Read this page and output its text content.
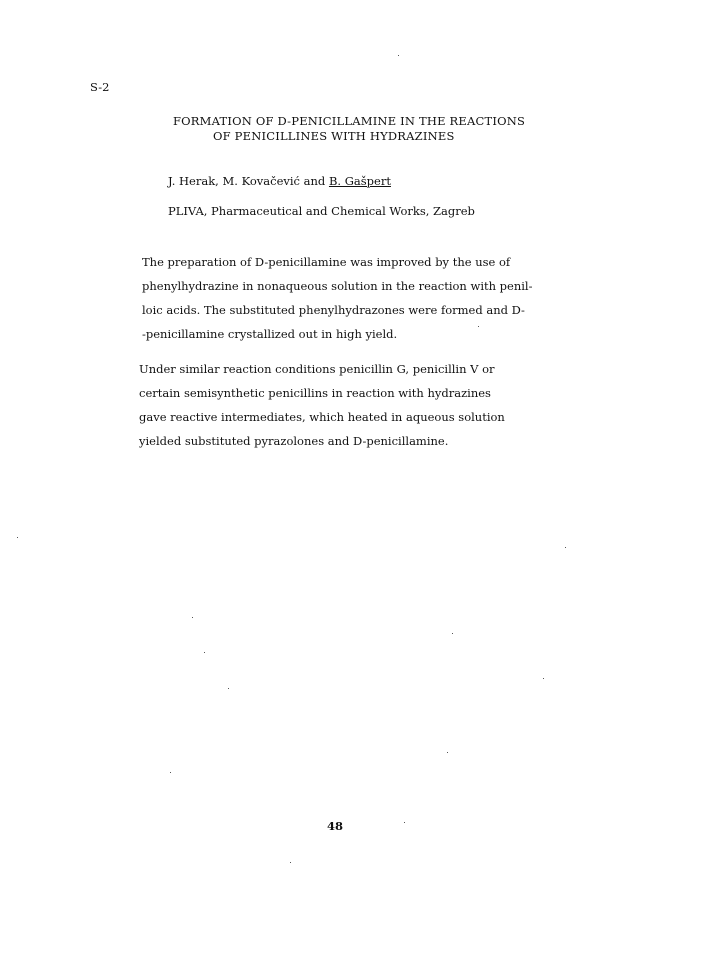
S-2
FORMATION OF D-PENICILLAMINE IN THE REACTIONS
OF PENICILLINES WITH HYDRAZINES
J. Herak, M. Kovačević and B. Gašpert
PLIVA, Pharmaceutical and Chemical Works, Zagreb
The preparation of D-penicillamine was improved by the use of
phenylhydrazine in nonaqueous solution in the reaction with penil-
loic acids. The substituted phenylhydrazones were formed and D-
-penicillamine crystallized out in high yield.
Under similar reaction conditions penicillin G, penicillin V or
certain semisynthetic penicillins in reaction with hydrazines
gave reactive intermediates, which heated in aqueous solution
yielded substituted pyrazolones and D-penicillamine.
48
